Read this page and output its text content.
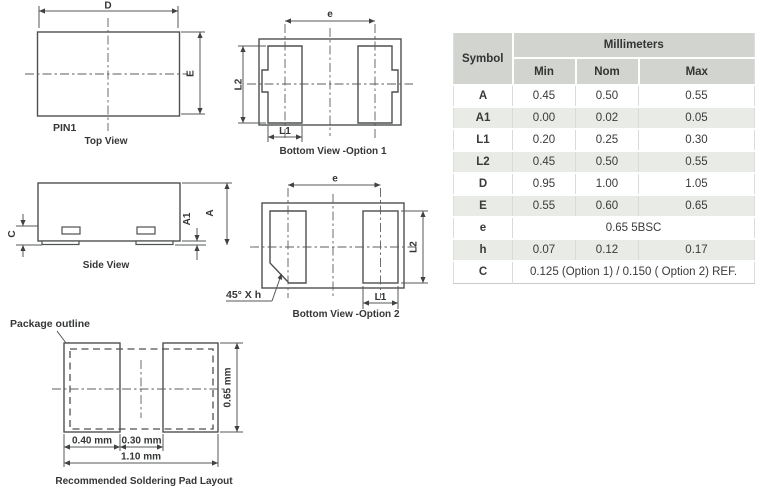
D
E
PIN1
Top View
e
L2
L1
Bottom View -Option 1
C
A1 A
Side View
e
L2
L1
45° X h
Bottom View -Option 2
Package outline
0.40 mm 0.30 mm
1.10 mm
0.65 mm
Recommended Soldering Pad Layout
Symbol	Millimeters		
	Min	Nom	Max
A	0.45	0.50	0.55
A1	0.00	0.02	0.05
L1	0.20	0.25	0.30
L2	0.45	0.50	0.55
D	0.95	1.00	1.05
E	0.55	0.60	0.65
e	0.65 5BSC		
h	0.07	0.12	0.17
C	0.125 (Option 1) / 0.150 ( Option 2) REF.		
